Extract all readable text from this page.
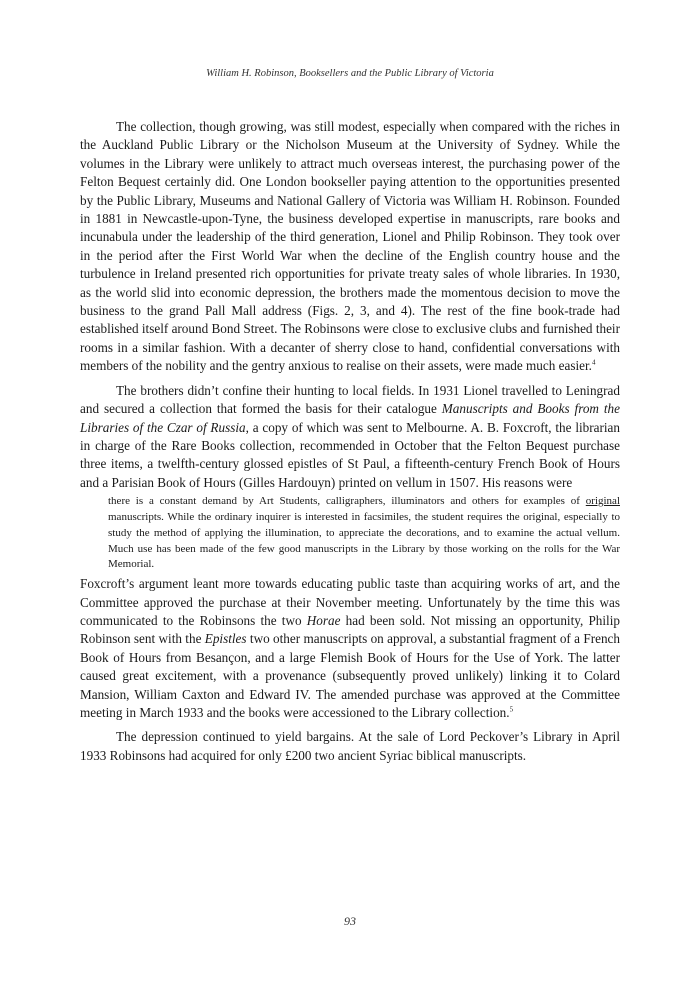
William H. Robinson, Booksellers and the Public Library of Victoria

The collection, though growing, was still modest, especially when compared with the riches in the Auckland Public Library or the Nicholson Museum at the University of Sydney. While the volumes in the Library were unlikely to attract much overseas interest, the purchasing power of the Felton Bequest certainly did. One London bookseller paying attention to the opportunities presented by the Public Library, Museums and National Gallery of Victoria was William H. Robinson. Founded in 1881 in Newcastle-upon-Tyne, the business developed expertise in manuscripts, rare books and incunabula under the leadership of the third generation, Lionel and Philip Robinson. They took over in the period after the First World War when the decline of the English country house and the turbulence in Ireland presented rich opportunities for private treaty sales of whole libraries. In 1930, as the world slid into economic depression, the brothers made the momentous decision to move the business to the grand Pall Mall address (Figs. 2, 3, and 4). The rest of the fine book-trade had established itself around Bond Street. The Robinsons were close to exclusive clubs and furnished their rooms in a similar fashion. With a decanter of sherry close to hand, confidential conversations with members of the nobility and the gentry anxious to realise on their assets, were made much easier.$^4$

The brothers didn’t confine their hunting to local fields. In 1931 Lionel travelled to Leningrad and secured a collection that formed the basis for their catalogue Manuscripts and Books from the Libraries of the Czar of Russia, a copy of which was sent to Melbourne. A. B. Foxcroft, the librarian in charge of the Rare Books collection, recommended in October that the Felton Bequest purchase three items, a twelfth-century glossed epistles of St Paul, a fifteenth-century French Book of Hours and a Parisian Book of Hours (Gilles Hardouyn) printed on vellum in 1507. His reasons were

there is a constant demand by Art Students, calligraphers, illuminators and others for examples of original manuscripts. While the ordinary inquirer is interested in facsimiles, the student requires the original, especially to study the method of applying the illumination, to appreciate the decorations, and to examine the actual vellum. Much use has been made of the few good manuscripts in the Library by those working on the rolls for the War Memorial.

Foxcroft’s argument leant more towards educating public taste than acquiring works of art, and the Committee approved the purchase at their November meeting. Unfortunately by the time this was communicated to the Robinsons the two Horae had been sold. Not missing an opportunity, Philip Robinson sent with the Epistles two other manuscripts on approval, a substantial fragment of a French Book of Hours from Besançon, and a large Flemish Book of Hours for the Use of York. The latter caused great excitement, with a provenance (subsequently proved unlikely) linking it to Colard Mansion, William Caxton and Edward IV. The amended purchase was approved at the Committee meeting in March 1933 and the books were accessioned to the Library collection.$^5$

The depression continued to yield bargains. At the sale of Lord Peckover’s Library in April 1933 Robinsons had acquired for only £200 two ancient Syriac biblical manuscripts.

93
